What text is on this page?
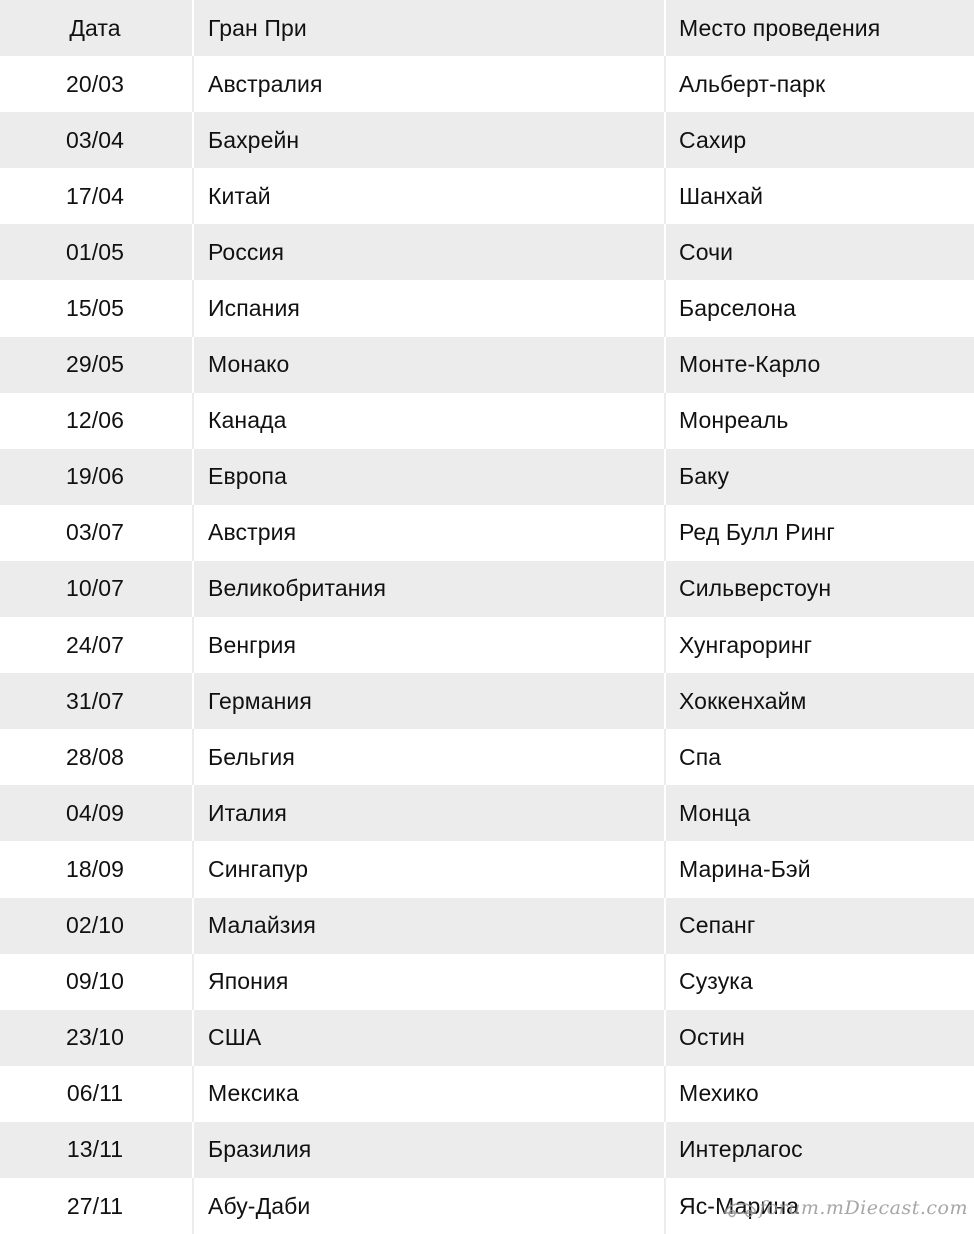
Дата	Гран При	Место проведения
20/03	Австралия	Альберт-парк
03/04	Бахрейн	Сахир
17/04	Китай	Шанхай
01/05	Россия	Сочи
15/05	Испания	Барселона
29/05	Монако	Монте-Карло
12/06	Канада	Монреаль
19/06	Европа	Баку
03/07	Австрия	Ред Булл Ринг
10/07	Великобритания	Сильверстоун
24/07	Венгрия	Хунгароринг
31/07	Германия	Хоккенхайм
28/08	Бельгия	Спа
04/09	Италия	Монца
18/09	Сингапур	Марина-Бэй
02/10	Малайзия	Сепанг
09/10	Япония	Сузука
23/10	США	Остин
06/11	Мексика	Мехико
13/11	Бразилия	Интерлагос
27/11	Абу-Даби	Яс-Марина
forum.mDiecast.com
